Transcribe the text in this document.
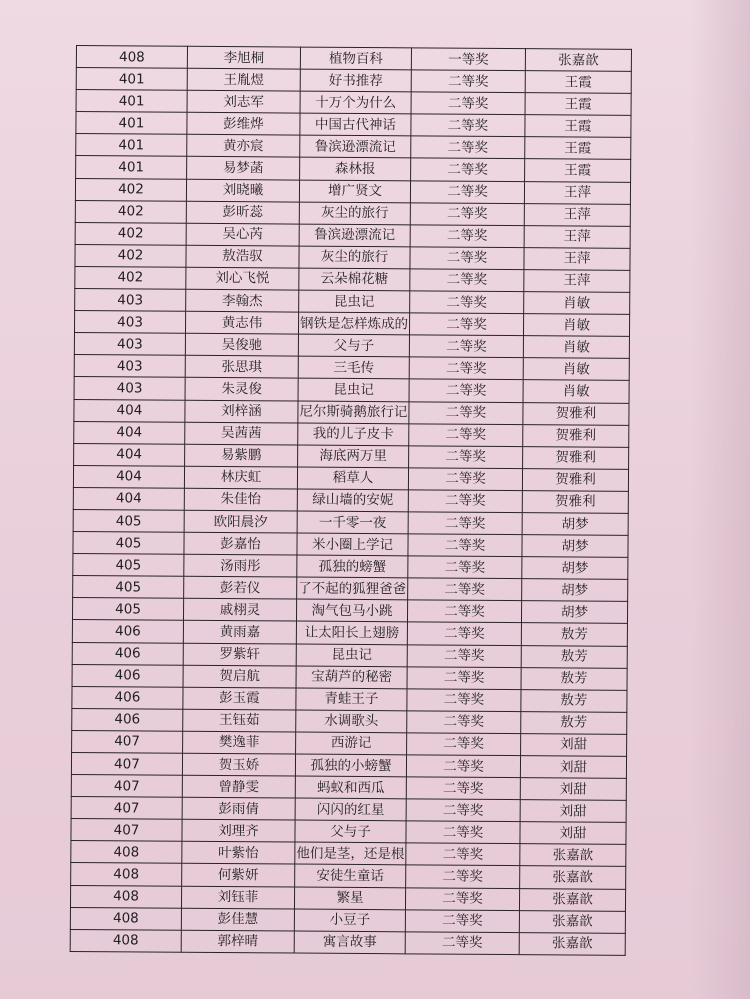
408	李旭桐	植物百科	一等奖	张嘉歆
401	王胤煜	好书推荐	二等奖	王霞
401	刘志军	十万个为什么	二等奖	王霞
401	彭维烨	中国古代神话	二等奖	王霞
401	黄亦宸	鲁滨逊漂流记	二等奖	王霞
401	易梦菡	森林报	二等奖	王霞
402	刘晓曦	增广贤文	二等奖	王萍
402	彭昕蕊	灰尘的旅行	二等奖	王萍
402	吴心芮	鲁滨逊漂流记	二等奖	王萍
402	敖浩驭	灰尘的旅行	二等奖	王萍
402	刘心飞悦	云朵棉花糖	二等奖	王萍
403	李翰杰	昆虫记	二等奖	肖敏
403	黄志伟	钢铁是怎样炼成的	二等奖	肖敏
403	吴俊驰	父与子	二等奖	肖敏
403	张思琪	三毛传	二等奖	肖敏
403	朱灵俊	昆虫记	二等奖	肖敏
404	刘梓涵	尼尔斯骑鹅旅行记	二等奖	贺雅利
404	吴茜茜	我的儿子皮卡	二等奖	贺雅利
404	易紫鹏	海底两万里	二等奖	贺雅利
404	林庆虹	稻草人	二等奖	贺雅利
404	朱佳怡	绿山墙的安妮	二等奖	贺雅利
405	欧阳晨汐	一千零一夜	二等奖	胡梦
405	彭嘉怡	米小圈上学记	二等奖	胡梦
405	汤雨彤	孤独的螃蟹	二等奖	胡梦
405	彭若仪	了不起的狐狸爸爸	二等奖	胡梦
405	戚栩灵	淘气包马小跳	二等奖	胡梦
406	黄雨嘉	让太阳长上翅膀	二等奖	敖芳
406	罗紫轩	昆虫记	二等奖	敖芳
406	贺启航	宝葫芦的秘密	二等奖	敖芳
406	彭玉霞	青蛙王子	二等奖	敖芳
406	王钰茹	水调歌头	二等奖	敖芳
407	樊逸菲	西游记	二等奖	刘甜
407	贺玉娇	孤独的小螃蟹	二等奖	刘甜
407	曾静雯	蚂蚁和西瓜	二等奖	刘甜
407	彭雨倩	闪闪的红星	二等奖	刘甜
407	刘理齐	父与子	二等奖	刘甜
408	叶紫怡	他们是茎，还是根	二等奖	张嘉歆
408	何紫妍	安徒生童话	二等奖	张嘉歆
408	刘钰菲	繁星	二等奖	张嘉歆
408	彭佳慧	小豆子	二等奖	张嘉歆
408	郭梓晴	寓言故事	二等奖	张嘉歆
